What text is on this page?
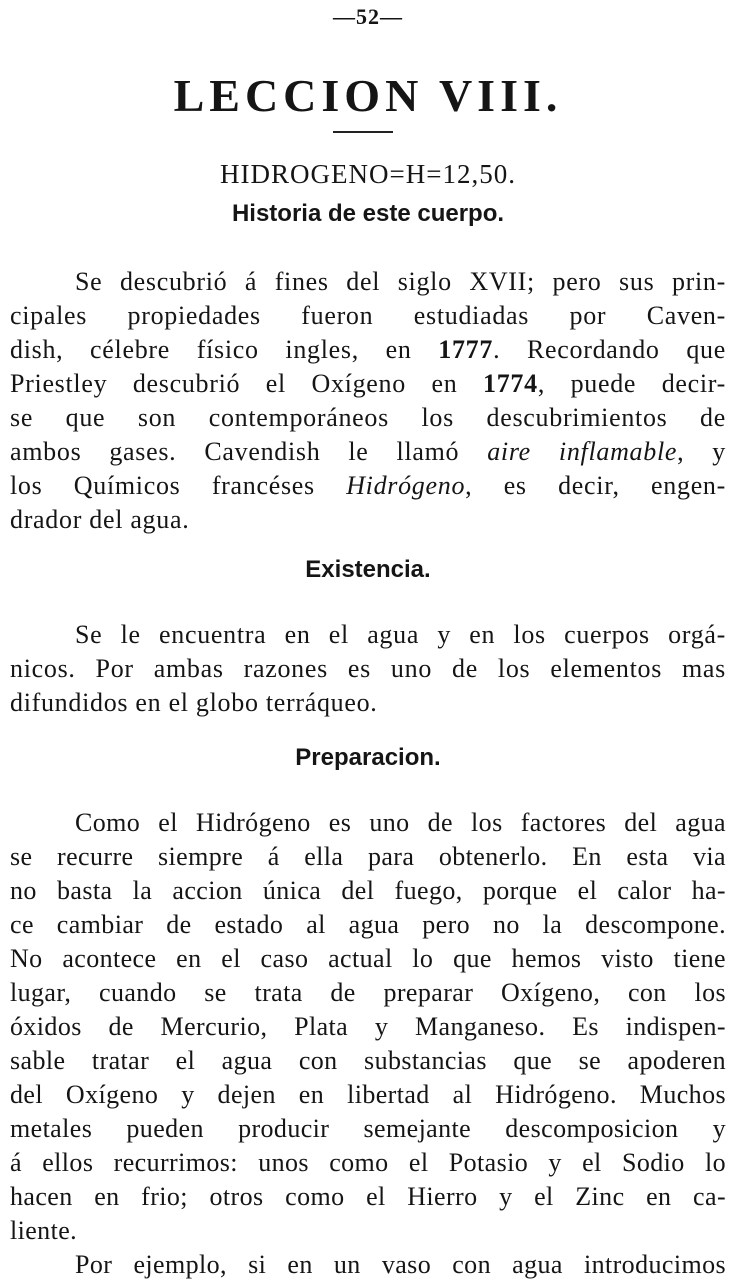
—52—
LECCION VIII.
HIDROGENO=H=12,50.
Historia de este cuerpo.
Se descubrió á fines del siglo XVII; pero sus prin-
cipales propiedades fueron estudiadas por Caven-
dish, célebre físico ingles, en 1777. Recordando que
Priestley descubrió el Oxígeno en 1774, puede decir-
se que son contemporáneos los descubrimientos de
ambos gases. Cavendish le llamó aire inflamable, y
los Químicos francéses Hidrógeno, es decir, engen-
drador del agua.
Existencia.
Se le encuentra en el agua y en los cuerpos orgá-
nicos. Por ambas razones es uno de los elementos mas
difundidos en el globo terráqueo.
Preparacion.
Como el Hidrógeno es uno de los factores del agua
se recurre siempre á ella para obtenerlo. En esta via
no basta la accion única del fuego, porque el calor ha-
ce cambiar de estado al agua pero no la descompone.
No acontece en el caso actual lo que hemos visto tiene
lugar, cuando se trata de preparar Oxígeno, con los
óxidos de Mercurio, Plata y Manganeso. Es indispen-
sable tratar el agua con substancias que se apoderen
del Oxígeno y dejen en libertad al Hidrógeno. Muchos
metales pueden producir semejante descomposicion y
á ellos recurrimos: unos como el Potasio y el Sodio lo
hacen en frio; otros como el Hierro y el Zinc en ca-
liente.
Por ejemplo, si en un vaso con agua introducimos
